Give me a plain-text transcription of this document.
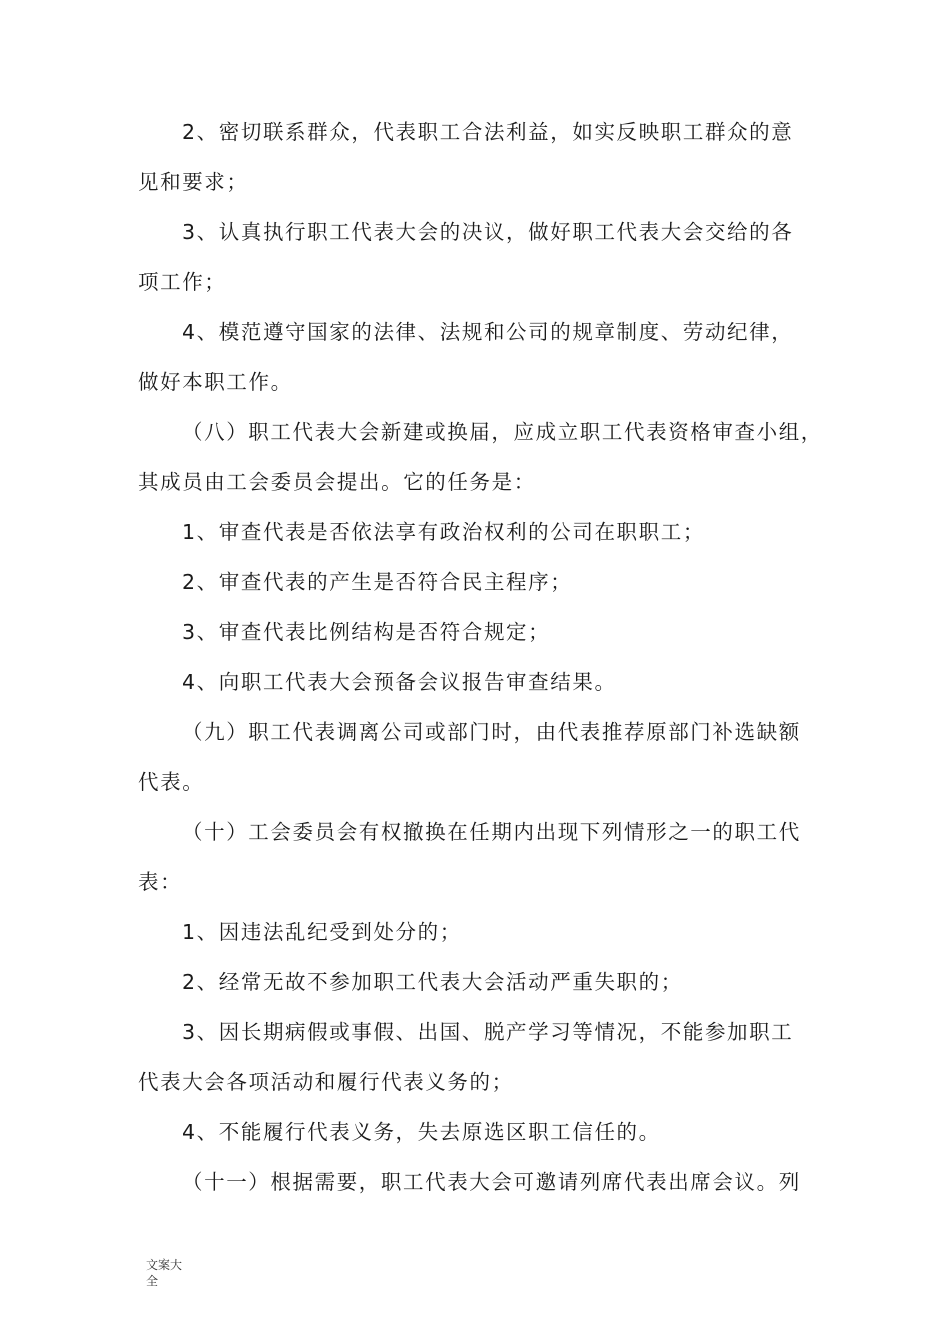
2、密切联系群众，代表职工合法利益，如实反映职工群众的意
见和要求；

3、认真执行职工代表大会的决议，做好职工代表大会交给的各
项工作；

4、模范遵守国家的法律、法规和公司的规章制度、劳动纪律，
做好本职工作。

（八）职工代表大会新建或换届，应成立职工代表资格审查小组，
其成员由工会委员会提出。它的任务是：

1、审查代表是否依法享有政治权利的公司在职职工；

2、审查代表的产生是否符合民主程序；

3、审查代表比例结构是否符合规定；

4、向职工代表大会预备会议报告审查结果。

（九）职工代表调离公司或部门时，由代表推荐原部门补选缺额
代表。

（十）工会委员会有权撤换在任期内出现下列情形之一的职工代
表：

1、因违法乱纪受到处分的；

2、经常无故不参加职工代表大会活动严重失职的；

3、因长期病假或事假、出国、脱产学习等情况，不能参加职工
代表大会各项活动和履行代表义务的；

4、不能履行代表义务，失去原选区职工信任的。

（十一）根据需要，职工代表大会可邀请列席代表出席会议。列

文案大
全
